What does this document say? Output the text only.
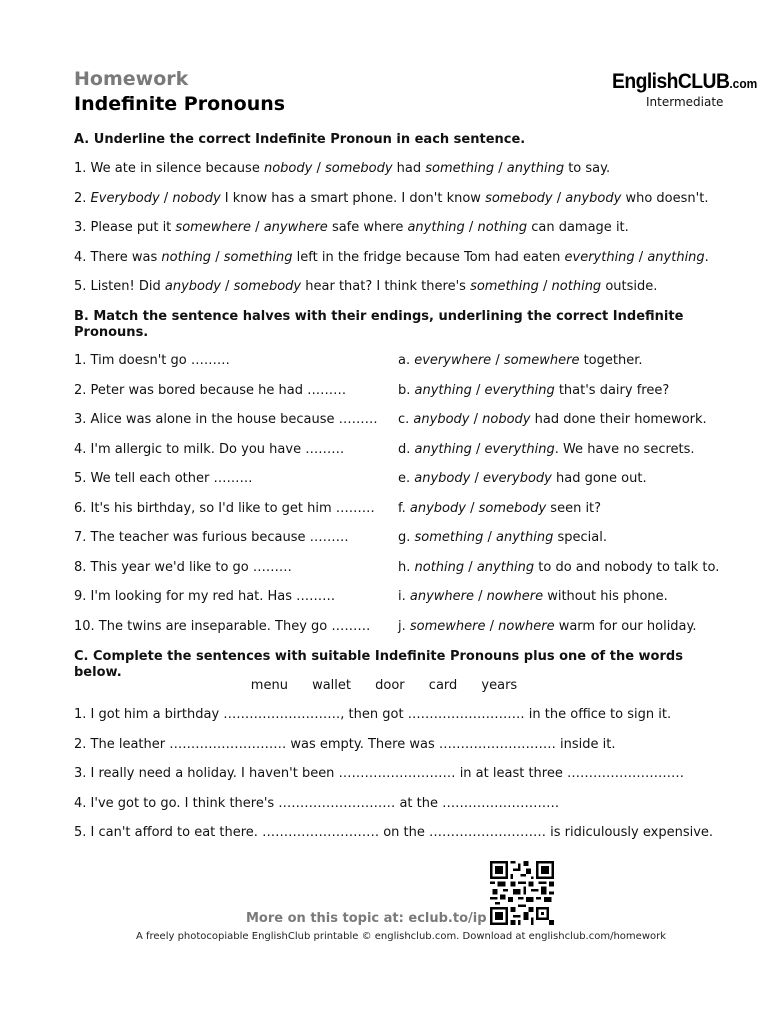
Homework
Indefinite Pronouns
EnglishCLUB.com
Intermediate
A. Underline the correct Indefinite Pronoun in each sentence.
1. We ate in silence because nobody / somebody had something / anything to say.
2. Everybody / nobody I know has a smart phone. I don't know somebody / anybody who doesn't.
3. Please put it somewhere / anywhere safe where anything / nothing can damage it.
4. There was nothing / something left in the fridge because Tom had eaten everything / anything.
5. Listen! Did anybody / somebody hear that? I think there's something / nothing outside.
B. Match the sentence halves with their endings, underlining the correct Indefinite Pronouns.
1. Tim doesn't go ………
2. Peter was bored because he had ………
3. Alice was alone in the house because ………
4. I'm allergic to milk. Do you have ………
5. We tell each other ………
6. It's his birthday, so I'd like to get him ………
7. The teacher was furious because ………
8. This year we'd like to go ………
9. I'm looking for my red hat. Has ………
10. The twins are inseparable. They go ………
a. everywhere / somewhere together.
b. anything / everything that's dairy free?
c. anybody / nobody had done their homework.
d. anything / everything. We have no secrets.
e. anybody / everybody had gone out.
f. anybody / somebody seen it?
g. something / anything special.
h. nothing / anything to do and nobody to talk to.
i. anywhere / nowhere without his phone.
j. somewhere / nowhere warm for our holiday.
C. Complete the sentences with suitable Indefinite Pronouns plus one of the words below.
menu wallet door card years
1. I got him a birthday ………………………, then got ……………………… in the office to sign it.
2. The leather ……………………… was empty. There was ……………………… inside it.
3. I really need a holiday. I haven't been ……………………… in at least three ………………………
4. I've got to go. I think there's ……………………… at the ………………………
5. I can't afford to eat there. ……………………… on the ……………………… is ridiculously expensive.
More on this topic at: eclub.to/ip
A freely photocopiable EnglishClub printable © englishclub.com. Download at englishclub.com/homework
